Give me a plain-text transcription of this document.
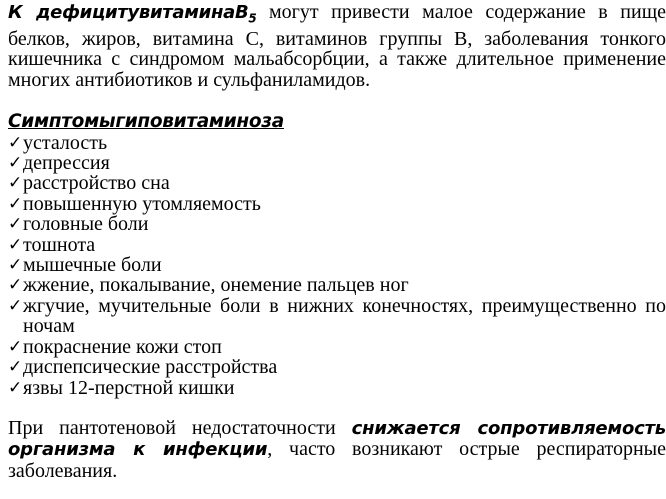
К дефицитувитаминаВ$_5$ могут привести малое содержание в пище белков, жиров, витамина С, витаминов группы В, заболевания тонкого кишечника с синдромом мальабсорбции, а также длительное применение многих антибиотиков и сульфаниламидов.

Симптомыгиповитаминоза
✓ усталость
✓ депрессия
✓ расстройство сна
✓ повышенную утомляемость
✓ головные боли
✓ тошнота
✓ мышечные боли
✓ жжение, покалывание, онемение пальцев ног
✓ жгучие, мучительные боли в нижних конечностях, преимущественно по ночам
✓ покраснение кожи стоп
✓ диспепсические расстройства
✓ язвы 12-перстной кишки

При пантотеновой недостаточности снижается сопротивляемость организма к инфекции, часто возникают острые респираторные заболевания.
